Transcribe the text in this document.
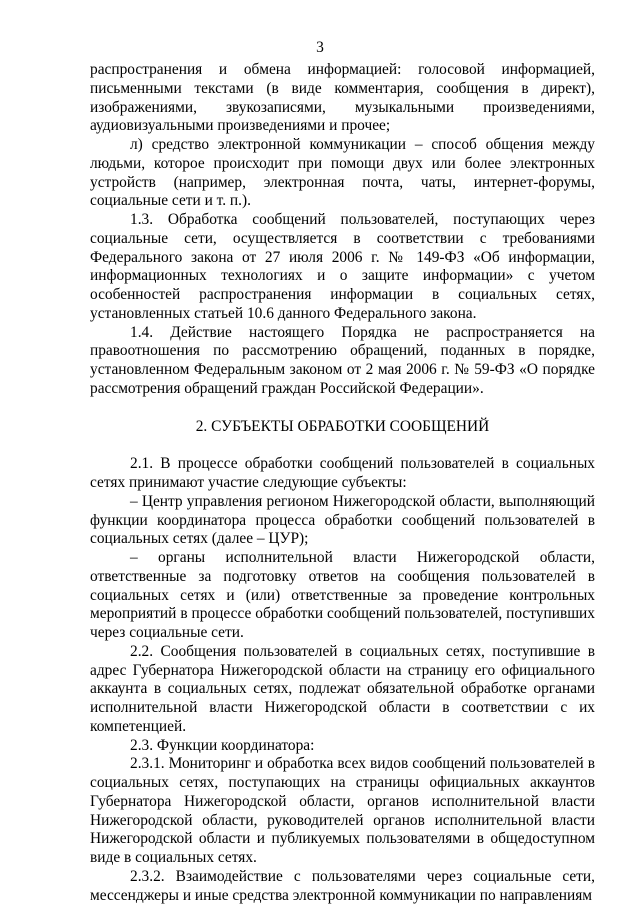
3

распространения и обмена информацией: голосовой информацией, письменными текстами (в виде комментария, сообщения в директ), изображениями, звукозаписями, музыкальными произведениями, аудиовизуальными произведениями и прочее;

л) средство электронной коммуникации – способ общения между людьми, которое происходит при помощи двух или более электронных устройств (например, электронная почта, чаты, интернет-форумы, социальные сети и т. п.).

1.3. Обработка сообщений пользователей, поступающих через социальные сети, осуществляется в соответствии с требованиями Федерального закона от 27 июля 2006 г. № 149-ФЗ «Об информации, информационных технологиях и о защите информации» с учетом особенностей распространения информации в социальных сетях, установленных статьей 10.6 данного Федерального закона.

1.4. Действие настоящего Порядка не распространяется на правоотношения по рассмотрению обращений, поданных в порядке, установленном Федеральным законом от 2 мая 2006 г. № 59-ФЗ «О порядке рассмотрения обращений граждан Российской Федерации».

2. СУБЪЕКТЫ ОБРАБОТКИ СООБЩЕНИЙ

2.1. В процессе обработки сообщений пользователей в социальных сетях принимают участие следующие субъекты:

– Центр управления регионом Нижегородской области, выполняющий функции координатора процесса обработки сообщений пользователей в социальных сетях (далее – ЦУР);

– органы исполнительной власти Нижегородской области, ответственные за подготовку ответов на сообщения пользователей в социальных сетях и (или) ответственные за проведение контрольных мероприятий в процессе обработки сообщений пользователей, поступивших через социальные сети.

2.2. Сообщения пользователей в социальных сетях, поступившие в адрес Губернатора Нижегородской области на страницу его официального аккаунта в социальных сетях, подлежат обязательной обработке органами исполнительной власти Нижегородской области в соответствии с их компетенцией.

2.3. Функции координатора:

2.3.1. Мониторинг и обработка всех видов сообщений пользователей в социальных сетях, поступающих на страницы официальных аккаунтов Губернатора Нижегородской области, органов исполнительной власти Нижегородской области, руководителей органов исполнительной власти Нижегородской области и публикуемых пользователями в общедоступном виде в социальных сетях.

2.3.2. Взаимодействие с пользователями через социальные сети, мессенджеры и иные средства электронной коммуникации по направлениям
